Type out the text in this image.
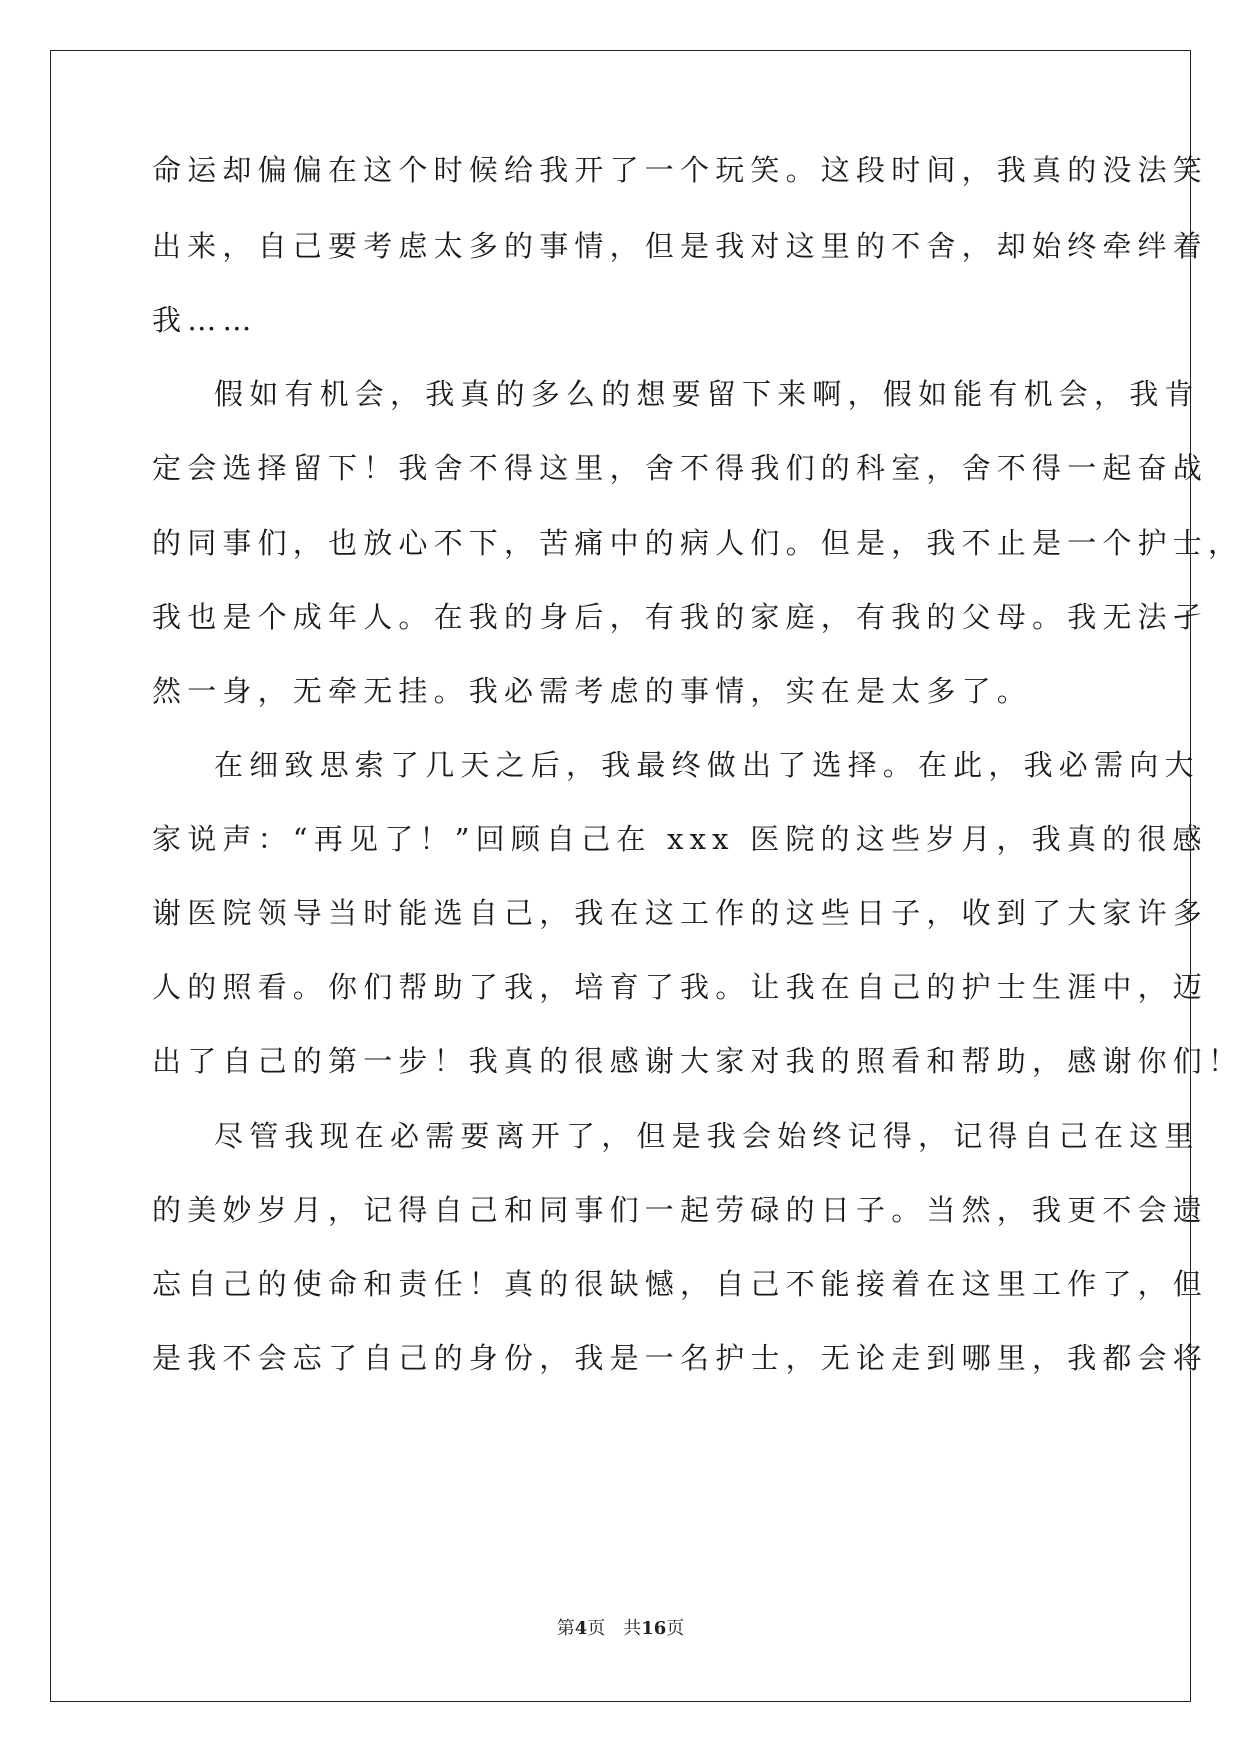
命运却偏偏在这个时候给我开了一个玩笑。这段时间，我真的没法笑
出来，自己要考虑太多的事情，但是我对这里的不舍，却始终牵绊着
我……
假如有机会，我真的多么的想要留下来啊，假如能有机会，我肯
定会选择留下！我舍不得这里，舍不得我们的科室，舍不得一起奋战
的同事们，也放心不下，苦痛中的病人们。但是，我不止是一个护士，
我也是个成年人。在我的身后，有我的家庭，有我的父母。我无法孑
然一身，无牵无挂。我必需考虑的事情，实在是太多了。
在细致思索了几天之后，我最终做出了选择。在此，我必需向大
家说声：“再见了！”回顾自己在 xxx 医院的这些岁月，我真的很感
谢医院领导当时能选自己，我在这工作的这些日子，收到了大家许多
人的照看。你们帮助了我，培育了我。让我在自己的护士生涯中，迈
出了自己的第一步！我真的很感谢大家对我的照看和帮助，感谢你们！
尽管我现在必需要离开了，但是我会始终记得，记得自己在这里
的美妙岁月，记得自己和同事们一起劳碌的日子。当然，我更不会遗
忘自己的使命和责任！真的很缺憾，自己不能接着在这里工作了，但
是我不会忘了自己的身份，我是一名护士，无论走到哪里，我都会将
第4页  共16页
